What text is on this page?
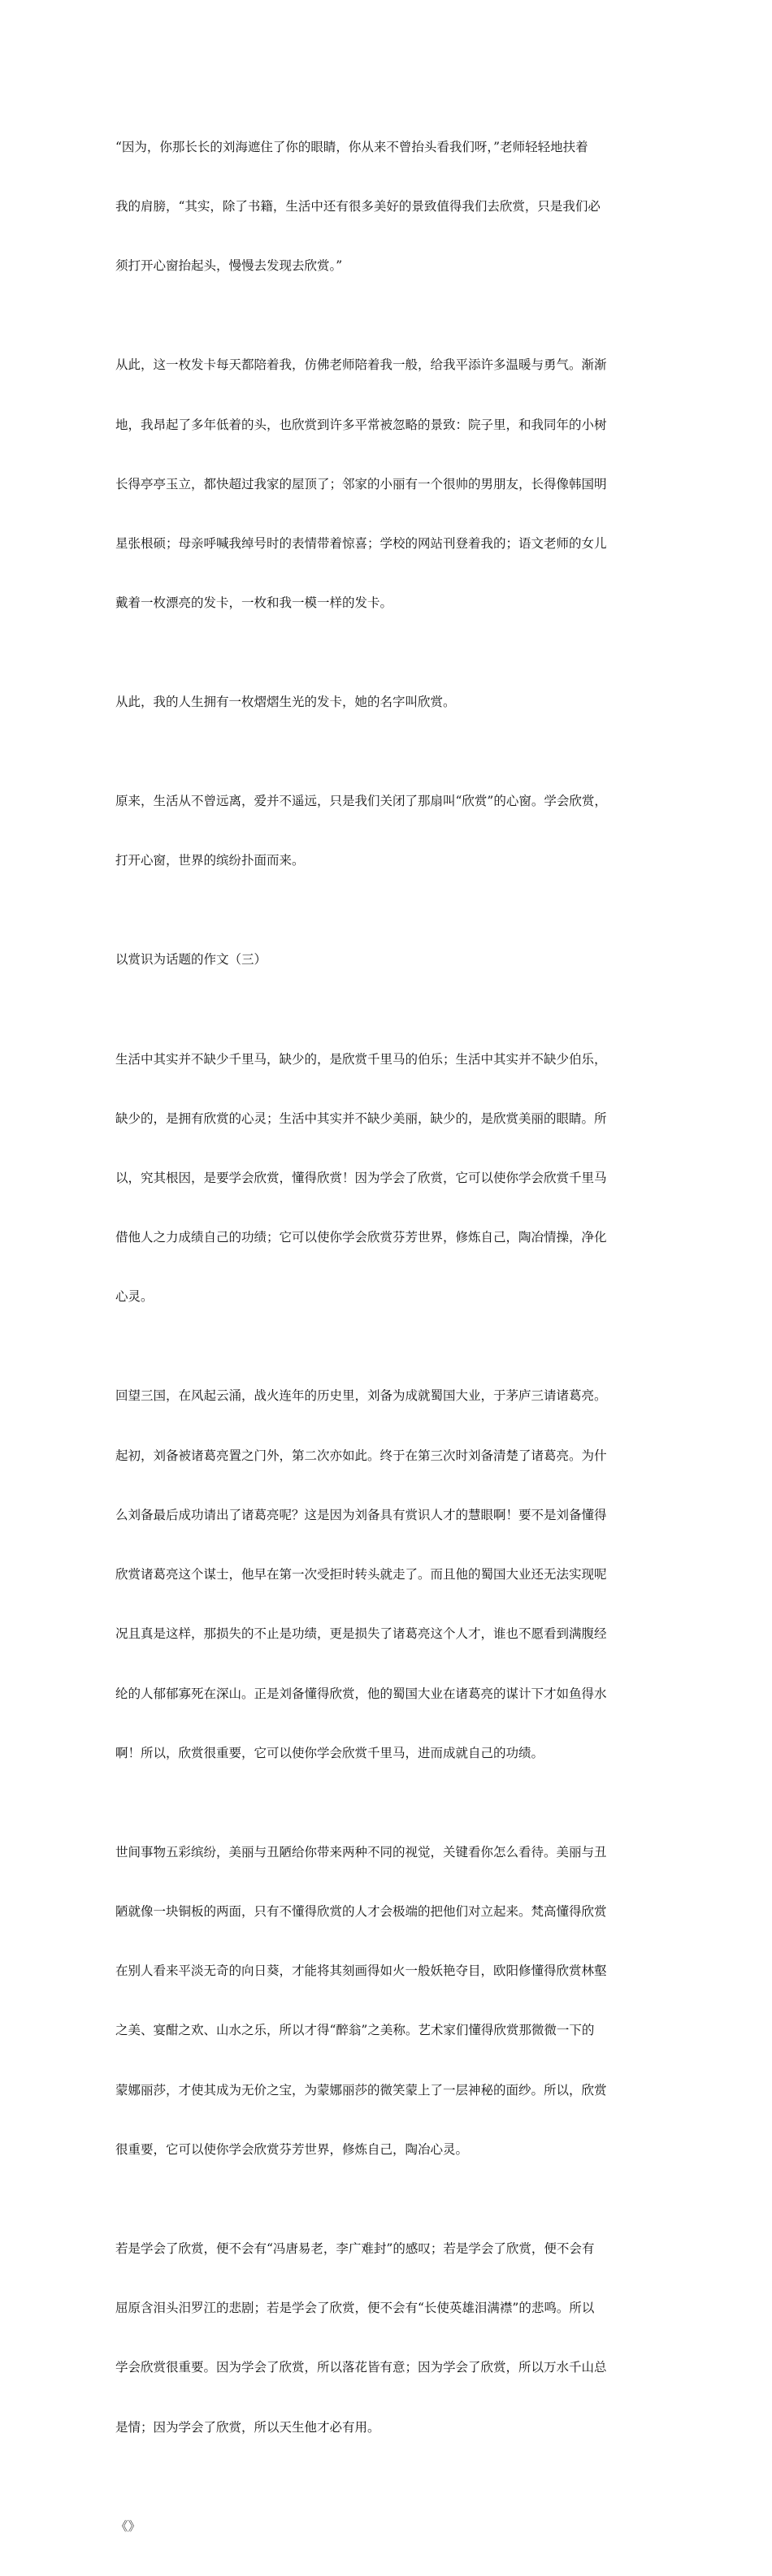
“因为，你那长长的刘海遮住了你的眼睛，你从来不曾抬头看我们呀，”老师轻轻地扶着

我的肩膀，“其实，除了书籍，生活中还有很多美好的景致值得我们去欣赏，只是我们必

须打开心窗抬起头，慢慢去发现去欣赏。”

从此，这一枚发卡每天都陪着我，仿佛老师陪着我一般，给我平添许多温暖与勇气。渐渐

地，我昂起了多年低着的头，也欣赏到许多平常被忽略的景致：院子里，和我同年的小树

长得亭亭玉立，都快超过我家的屋顶了；邻家的小丽有一个很帅的男朋友，长得像韩国明

星张根硕；母亲呼喊我绰号时的表情带着惊喜；学校的网站刊登着我的；语文老师的女儿

戴着一枚漂亮的发卡，一枚和我一模一样的发卡。

从此，我的人生拥有一枚熠熠生光的发卡，她的名字叫欣赏。

原来，生活从不曾远离，爱并不遥远，只是我们关闭了那扇叫“欣赏”的心窗。学会欣赏，

打开心窗，世界的缤纷扑面而来。

以赏识为话题的作文（三）

生活中其实并不缺少千里马，缺少的，是欣赏千里马的伯乐；生活中其实并不缺少伯乐，

缺少的，是拥有欣赏的心灵；生活中其实并不缺少美丽，缺少的，是欣赏美丽的眼睛。所

以，究其根因，是要学会欣赏，懂得欣赏！因为学会了欣赏，它可以使你学会欣赏千里马

借他人之力成绩自己的功绩；它可以使你学会欣赏芬芳世界，修炼自己，陶冶情操，净化

心灵。

回望三国，在风起云涌，战火连年的历史里，刘备为成就蜀国大业，于茅庐三请诸葛亮。

起初，刘备被诸葛亮置之门外，第二次亦如此。终于在第三次时刘备清楚了诸葛亮。为什

么刘备最后成功请出了诸葛亮呢？这是因为刘备具有赏识人才的慧眼啊！要不是刘备懂得

欣赏诸葛亮这个谋士，他早在第一次受拒时转头就走了。而且他的蜀国大业还无法实现呢

况且真是这样，那损失的不止是功绩，更是损失了诸葛亮这个人才，谁也不愿看到满腹经

纶的人郁郁寡死在深山。正是刘备懂得欣赏，他的蜀国大业在诸葛亮的谋计下才如鱼得水

啊！所以，欣赏很重要，它可以使你学会欣赏千里马，进而成就自己的功绩。

世间事物五彩缤纷，美丽与丑陋给你带来两种不同的视觉，关键看你怎么看待。美丽与丑

陋就像一块铜板的两面，只有不懂得欣赏的人才会极端的把他们对立起来。梵高懂得欣赏

在别人看来平淡无奇的向日葵，才能将其刻画得如火一般妖艳夺目，欧阳修懂得欣赏林壑

之美、宴酣之欢、山水之乐，所以才得“醉翁”之美称。艺术家们懂得欣赏那微微一下的

蒙娜丽莎，才使其成为无价之宝，为蒙娜丽莎的微笑蒙上了一层神秘的面纱。所以，欣赏

很重要，它可以使你学会欣赏芬芳世界，修炼自己，陶冶心灵。

若是学会了欣赏，便不会有“冯唐易老，李广难封”的感叹；若是学会了欣赏，便不会有

屈原含泪头汨罗江的悲剧；若是学会了欣赏，便不会有“长使英雄泪满襟”的悲鸣。所以

学会欣赏很重要。因为学会了欣赏，所以落花皆有意；因为学会了欣赏，所以万水千山总

是情；因为学会了欣赏，所以天生他才必有用。

《》
